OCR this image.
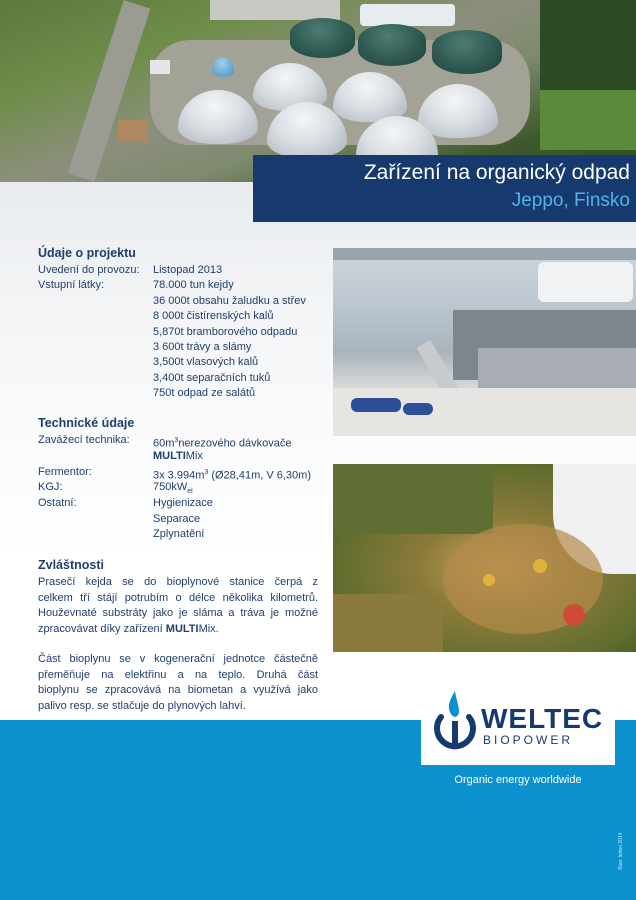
Zařízení na organický odpad
Jeppo, Finsko
Údaje o projektu
Uvedení do provozu: Listopad 2013
Vstupní látky:	78.000 tun kejdy
36 000t obsahu žaludku a střev
8 000t čistírenských kalů
5,870t bramborového odpadu
3 600t trávy a slámy
3,500t vlasových kalů
3,400t separačních tuků
750t odpad ze salátů
Technické údaje
Zavážecí technika: $60m^3nerezového$ dávkovače
MULTIMix
Fermentor:	3x $3.994m^3$ (Ø28,41m, V 6,30m)
KGJ:	$750kW_{el}$
Ostatní:	Hygienizace
Separace
Zplynatění
Zvláštnosti
Prasečí kejda se do bioplynové stanice čerpá z
celkem tří stájí potrubím o délce několika kilometrů.
Houževnaté substráty jako je sláma a tráva je možné
zpracovávat díky zařízení MULTIMix.
Část bioplynu se v kogenerační jednotce částečně
přeměňuje na elektřinu a na teplo. Druhá část
bioplynu se zpracovává na biometan a využívá jako
palivo resp. se stlačuje do plynových lahví.	WELTEC
BIOPOWER
Organic energy worldwide
Stav: leden 2014
